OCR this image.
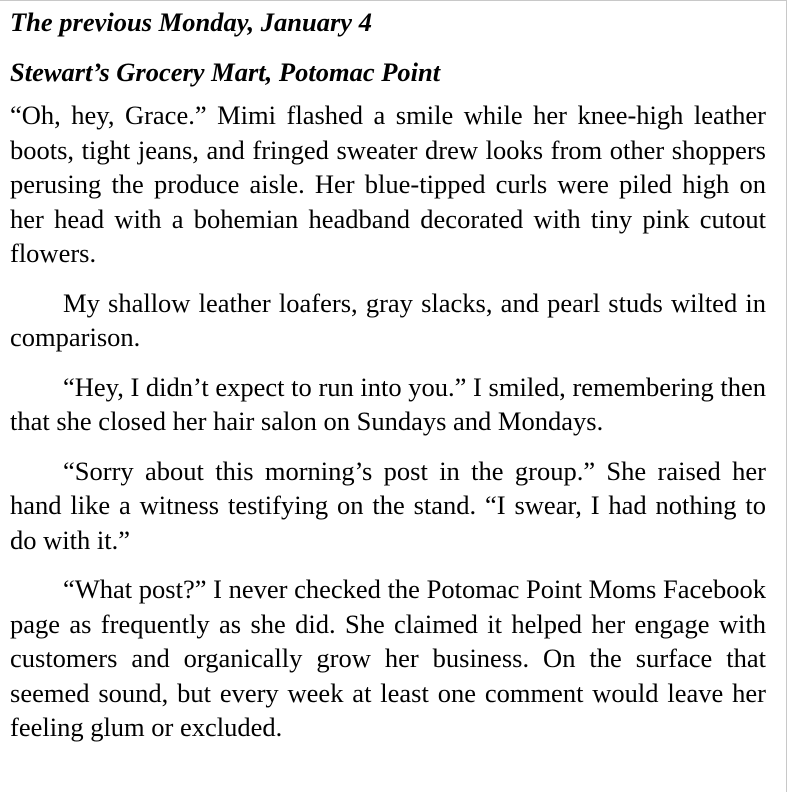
The previous Monday, January 4
Stewart’s Grocery Mart, Potomac Point

“Oh, hey, Grace.” Mimi flashed a smile while her knee-high leather boots, tight jeans, and fringed sweater drew looks from other shoppers perusing the produce aisle. Her blue-tipped curls were piled high on her head with a bohemian headband decorated with tiny pink cutout flowers.

My shallow leather loafers, gray slacks, and pearl studs wilted in comparison.

“Hey, I didn’t expect to run into you.” I smiled, remembering then that she closed her hair salon on Sundays and Mondays.

“Sorry about this morning’s post in the group.” She raised her hand like a witness testifying on the stand. “I swear, I had nothing to do with it.”

“What post?” I never checked the Potomac Point Moms Facebook page as frequently as she did. She claimed it helped her engage with customers and organically grow her business. On the surface that seemed sound, but every week at least one comment would leave her feeling glum or excluded.
